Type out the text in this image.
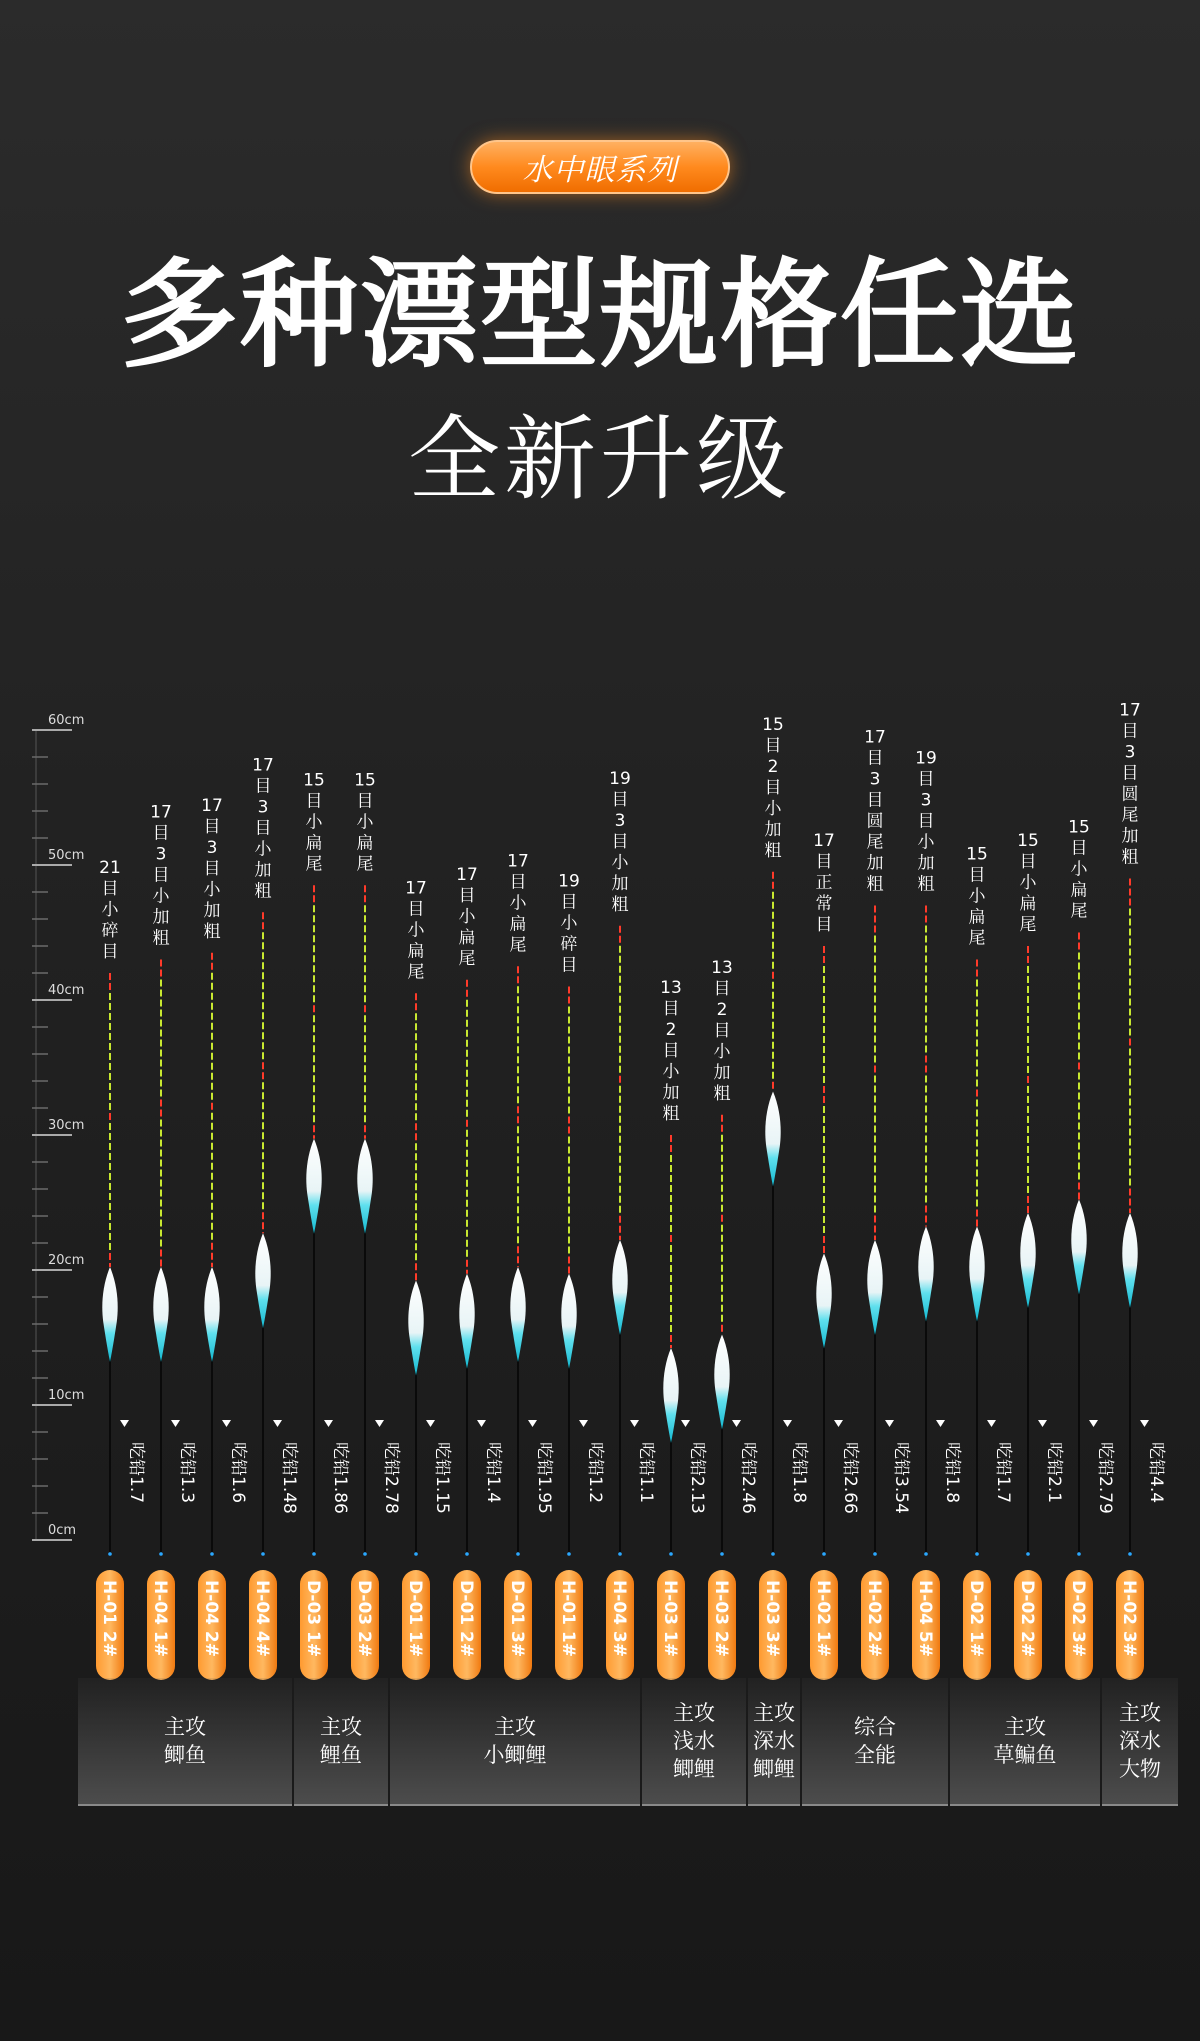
水中眼系列
多种漂型规格任选
全新升级
60cm
50cm
40cm
30cm
20cm
10cm
0cm
21 目小碎目
吃铅1.7
H-01 2#
17 目 3 目小加粗
吃铅1.3
H-04 1#
17 目 3 目小加粗
吃铅1.6
H-04 2#
17 目 3 目小加粗
吃铅1.48
H-04 4#
15 目小扁尾
吃铅1.86
D-03 1#
15 目小扁尾
吃铅2.78
D-03 2#
17 目小扁尾
吃铅1.15
D-01 1#
17 目小扁尾
吃铅1.4
D-01 2#
17 目小扁尾
吃铅1.95
D-01 3#
19 目小碎目
吃铅1.2
H-01 1#
19 目 3 目小加粗
吃铅1.1
H-04 3#
13 目 2 目小加粗
吃铅2.13
H-03 1#
13 目 2 目小加粗
吃铅2.46
H-03 2#
15 目 2 目小加粗
吃铅1.8
H-03 3#
17 目正常目
吃铅2.66
H-02 1#
17 目 3 目圆尾加粗
吃铅3.54
H-02 2#
19 目 3 目小加粗
吃铅1.8
H-04 5#
15 目小扁尾
吃铅1.7
D-02 1#
15 目小扁尾
吃铅2.1
D-02 2#
15 目小扁尾
吃铅2.79
D-02 3#
17 目 3 目圆尾加粗
吃铅4.4
H-02 3#
主攻
鲫鱼
主攻
鲤鱼
主攻
小鲫鲤
主攻
浅水
鲫鲤
主攻
深水
鲫鲤
综合
全能
主攻
草鳊鱼
主攻
深水
大物
